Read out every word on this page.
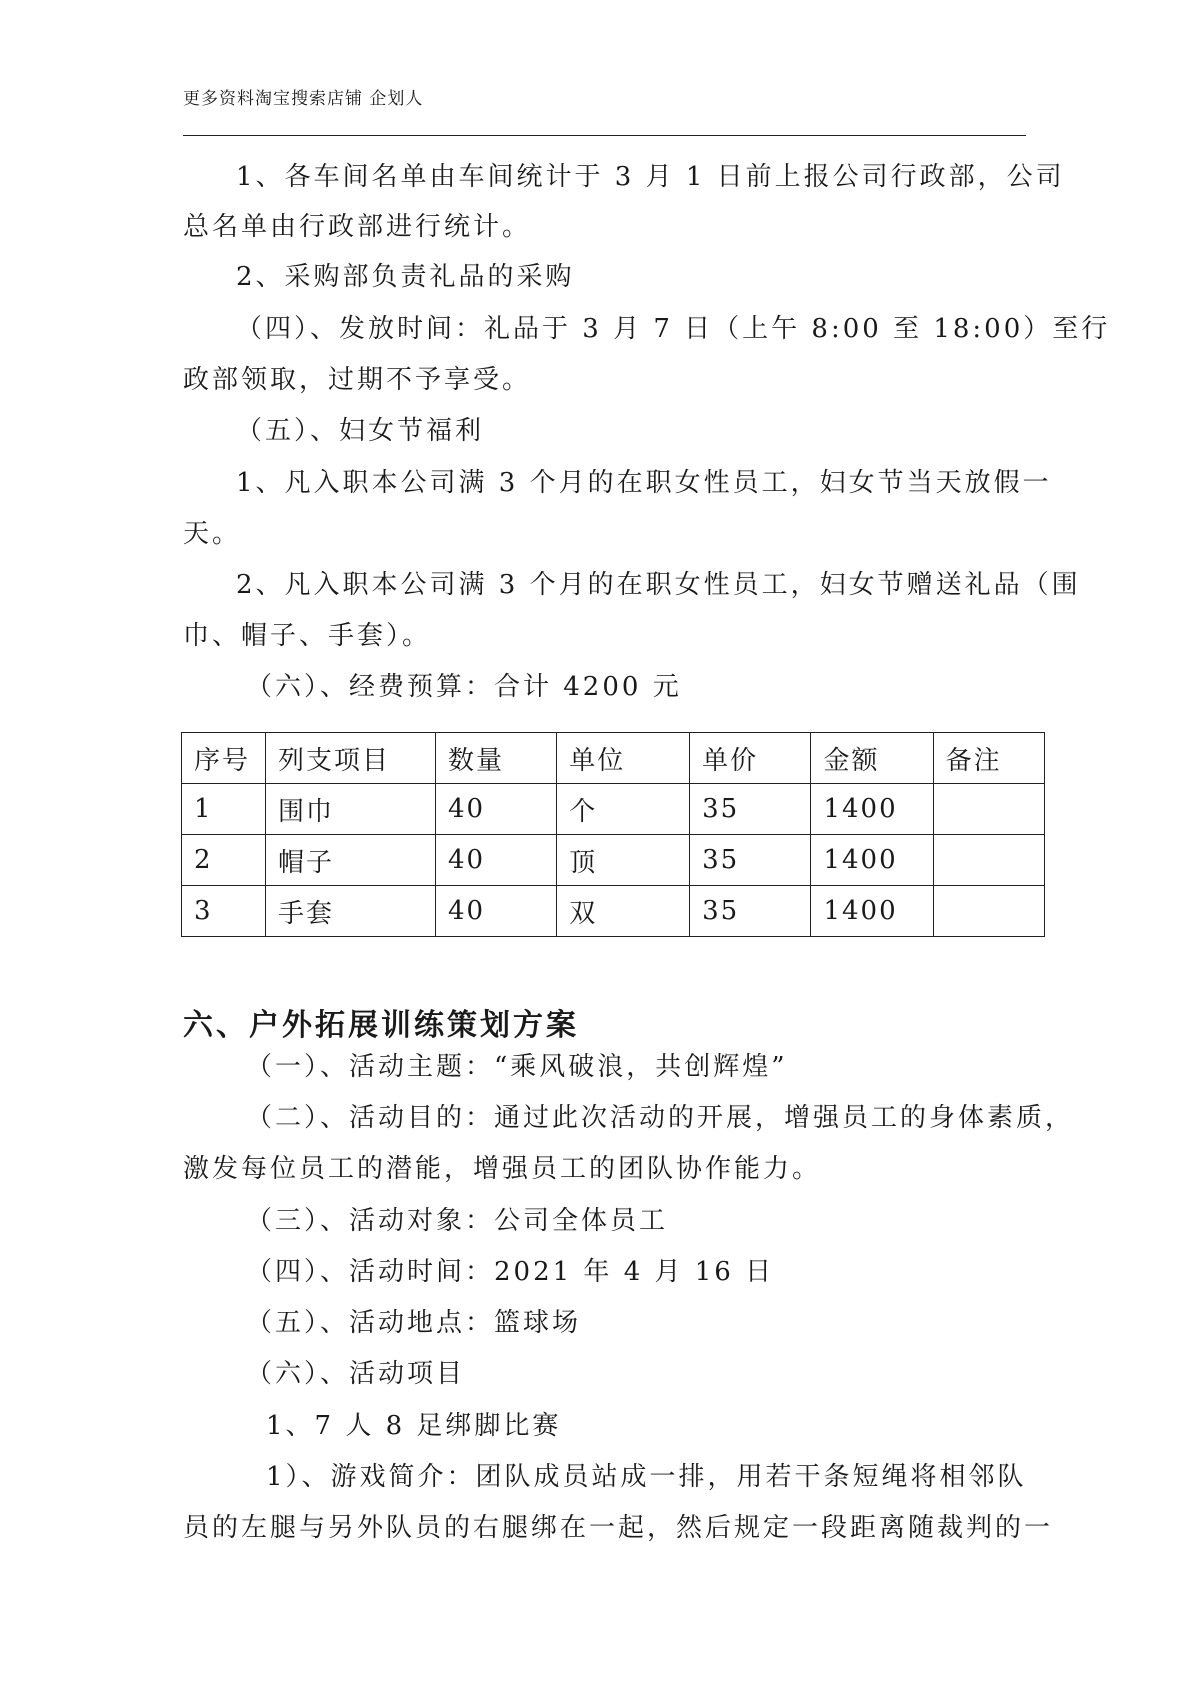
更多资料淘宝搜索店铺 企划人
1、各车间名单由车间统计于 3 月 1 日前上报公司行政部，公司
总名单由行政部进行统计。
2、采购部负责礼品的采购
（四）、发放时间：礼品于 3 月 7 日（上午 8:00 至 18:00）至行
政部领取，过期不予享受。
（五）、妇女节福利
1、凡入职本公司满 3 个月的在职女性员工，妇女节当天放假一
天。
2、凡入职本公司满 3 个月的在职女性员工，妇女节赠送礼品（围
巾、帽子、手套）。
（六）、经费预算：合计 4200 元
序号	列支项目	数量	单位	单价	金额	备注
1	围巾	40	个	35	1400	
2	帽子	40	顶	35	1400	
3	手套	40	双	35	1400	
六、户外拓展训练策划方案
（一）、活动主题：“乘风破浪，共创辉煌”
（二）、活动目的：通过此次活动的开展，增强员工的身体素质，
激发每位员工的潜能，增强员工的团队协作能力。
（三）、活动对象：公司全体员工
（四）、活动时间：2021 年 4 月 16 日
（五）、活动地点：篮球场
（六）、活动项目
1、7 人 8 足绑脚比赛
1）、游戏简介：团队成员站成一排，用若干条短绳将相邻队
员的左腿与另外队员的右腿绑在一起，然后规定一段距离随裁判的一
